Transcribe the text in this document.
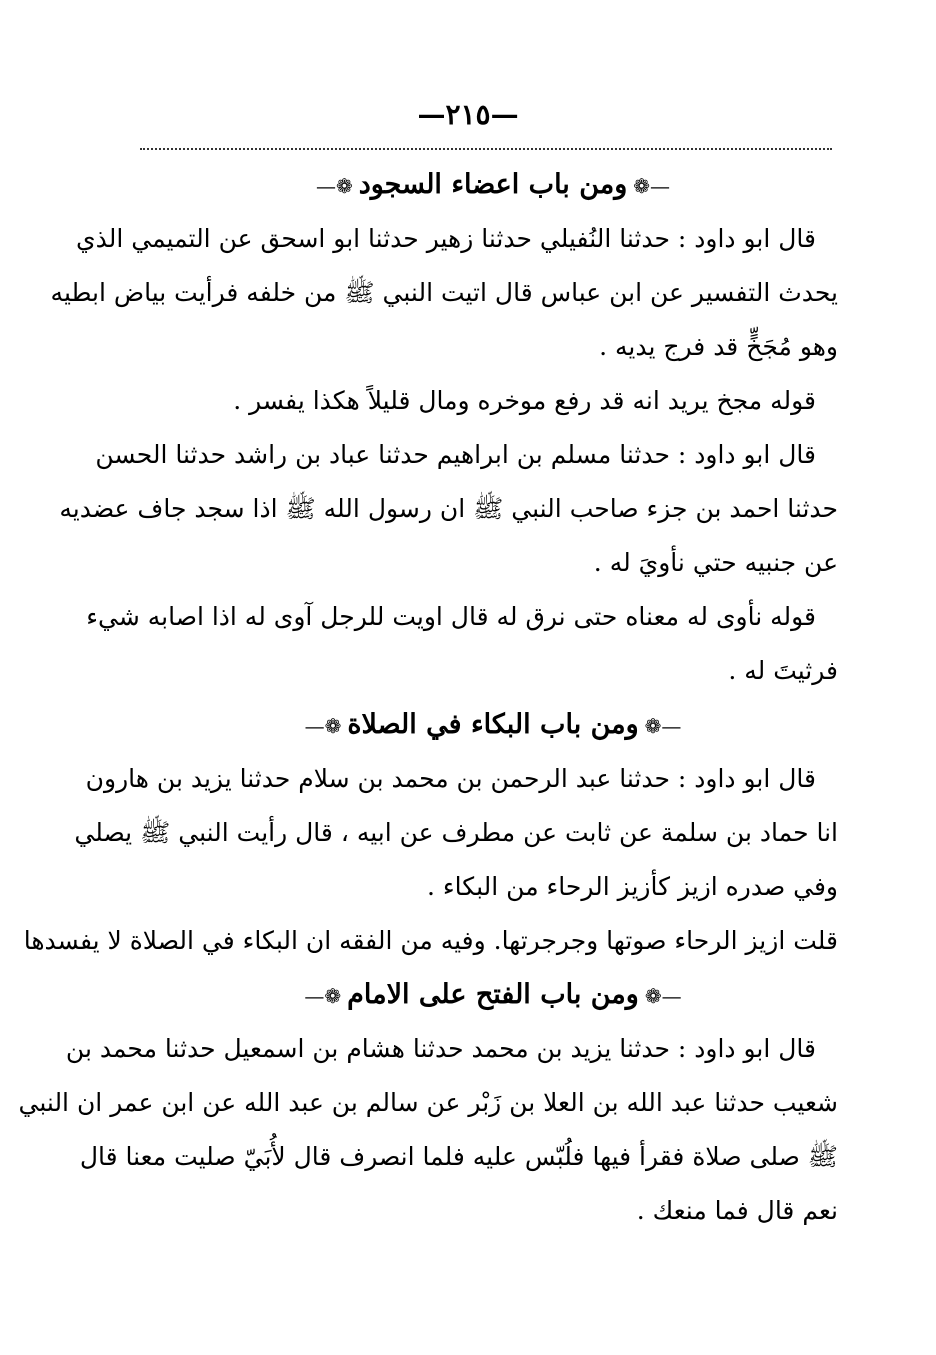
—٢١٥—
—❁ومن باب اعضاء السجود❁—
قال ابو داود : حدثنا النُفيلي حدثنا زهير حدثنا ابو اسحق عن التميمي الذي
يحدث التفسير عن ابن عباس قال اتيت النبي ﷺ من خلفه فرأيت بياض ابطيه
وهو مُجَخٍّ قد فرج يديه .
قوله مجخ يريد انه قد رفع موخره ومال قليلاً هكذا يفسر .
قال ابو داود : حدثنا مسلم بن ابراهيم حدثنا عباد بن راشد حدثنا الحسن
حدثنا احمد بن جزء صاحب النبي ﷺ ان رسول الله ﷺ اذا سجد جاف عضديه
عن جنبيه حتي نأويَ له .
قوله نأوى له معناه حتى نرق له قال اويت للرجل آوى له اذا اصابه شيء
فرثيتَ له .
—❁ومن باب البكاء في الصلاة❁—
قال ابو داود : حدثنا عبد الرحمن بن محمد بن سلام حدثنا يزيد بن هارون
انا حماد بن سلمة عن ثابت عن مطرف عن ابيه ، قال رأيت النبي ﷺ يصلي
وفي صدره ازيز كأزيز الرحاء من البكاء .
قلت ازيز الرحاء صوتها وجرجرتها. وفيه من الفقه ان البكاء في الصلاة لا يفسدها
—❁ومن باب الفتح على الامام❁—
قال ابو داود : حدثنا يزيد بن محمد حدثنا هشام بن اسمعيل حدثنا محمد بن
شعيب حدثنا عبد الله بن العلا بن زَبْر عن سالم بن عبد الله عن ابن عمر ان النبي
ﷺ صلى صلاة فقرأ فيها فلُبّس عليه فلما انصرف قال لأُبَيّ صليت معنا قال
نعم قال فما منعك .
